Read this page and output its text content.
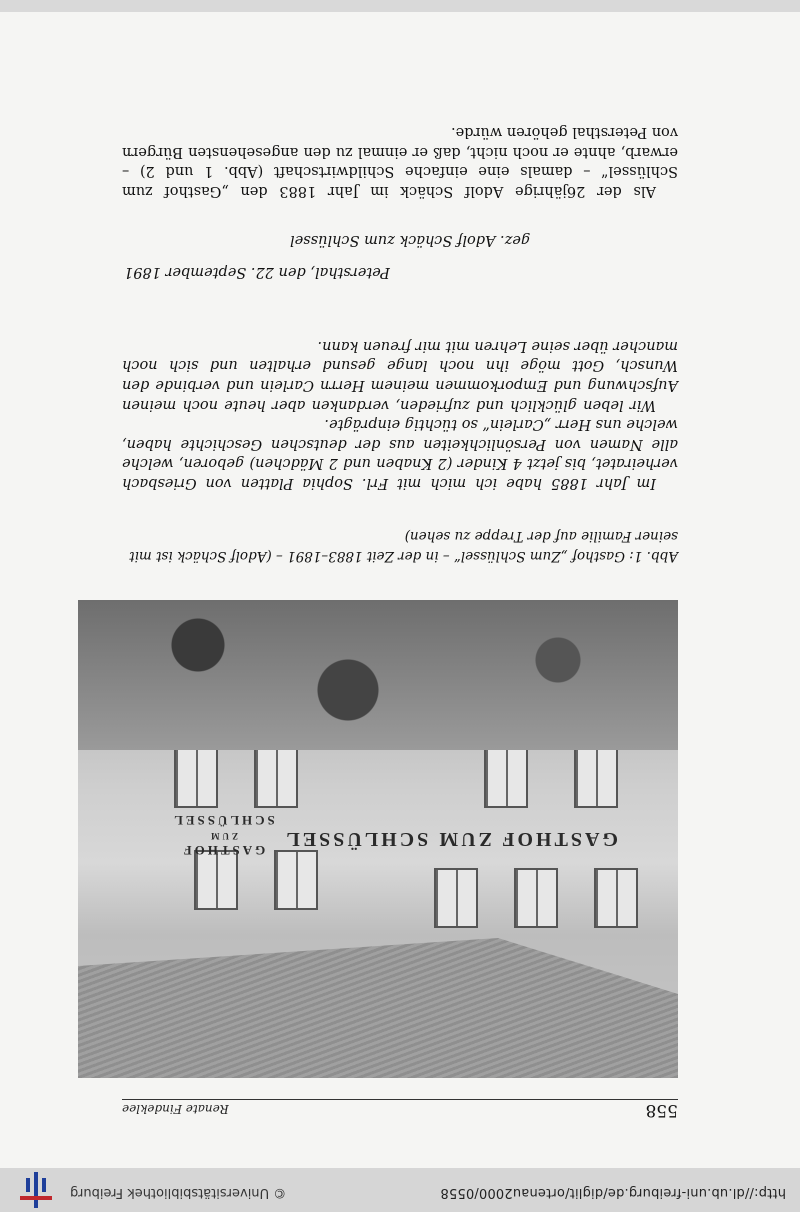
http://dl.ub.uni-freiburg.de/diglit/ortenau2000/0558
© Universitätsbibliothek Freiburg
558
Renate Findeklee
GASTHOF ZUM SCHLÜSSEL
GASTHOF
ZUM
SCHLÜSSEL
Abb. 1: Gasthof „Zum Schlüssel“ – in der Zeit 1883–1891 – (Adolf Schäck ist mit seiner Familie auf der Treppe zu sehen)
Im Jahr 1885 habe ich mich mit Frl. Sophia Platten von Griesbach verheiratet, bis jetzt 4 Kinder (2 Knaben und 2 Mädchen) geboren, welche alle Namen von Persönlichkeiten aus der deutschen Geschichte haben, welche uns Herr „Carlein“ so tüchtig einprägte.
Wir leben glücklich und zufrieden, verdanken aber heute noch meinen Aufschwung und Emporkommen meinem Herrn Carlein und verbinde den Wunsch, Gott möge ihn noch lange gesund erhalten und sich noch mancher über seine Lehren mit mir freuen kann.
Petersthal, den 22. September 1891
gez. Adolf Schäck zum Schlüssel
Als der 26jährige Adolf Schäck im Jahr 1883 den „Gasthof zum Schlüssel“ – damals eine einfache Schildwirtschaft (Abb. 1 und 2) – erwarb, ahnte er noch nicht, daß er einmal zu den angesehensten Bürgern von Petersthal gehören würde.
